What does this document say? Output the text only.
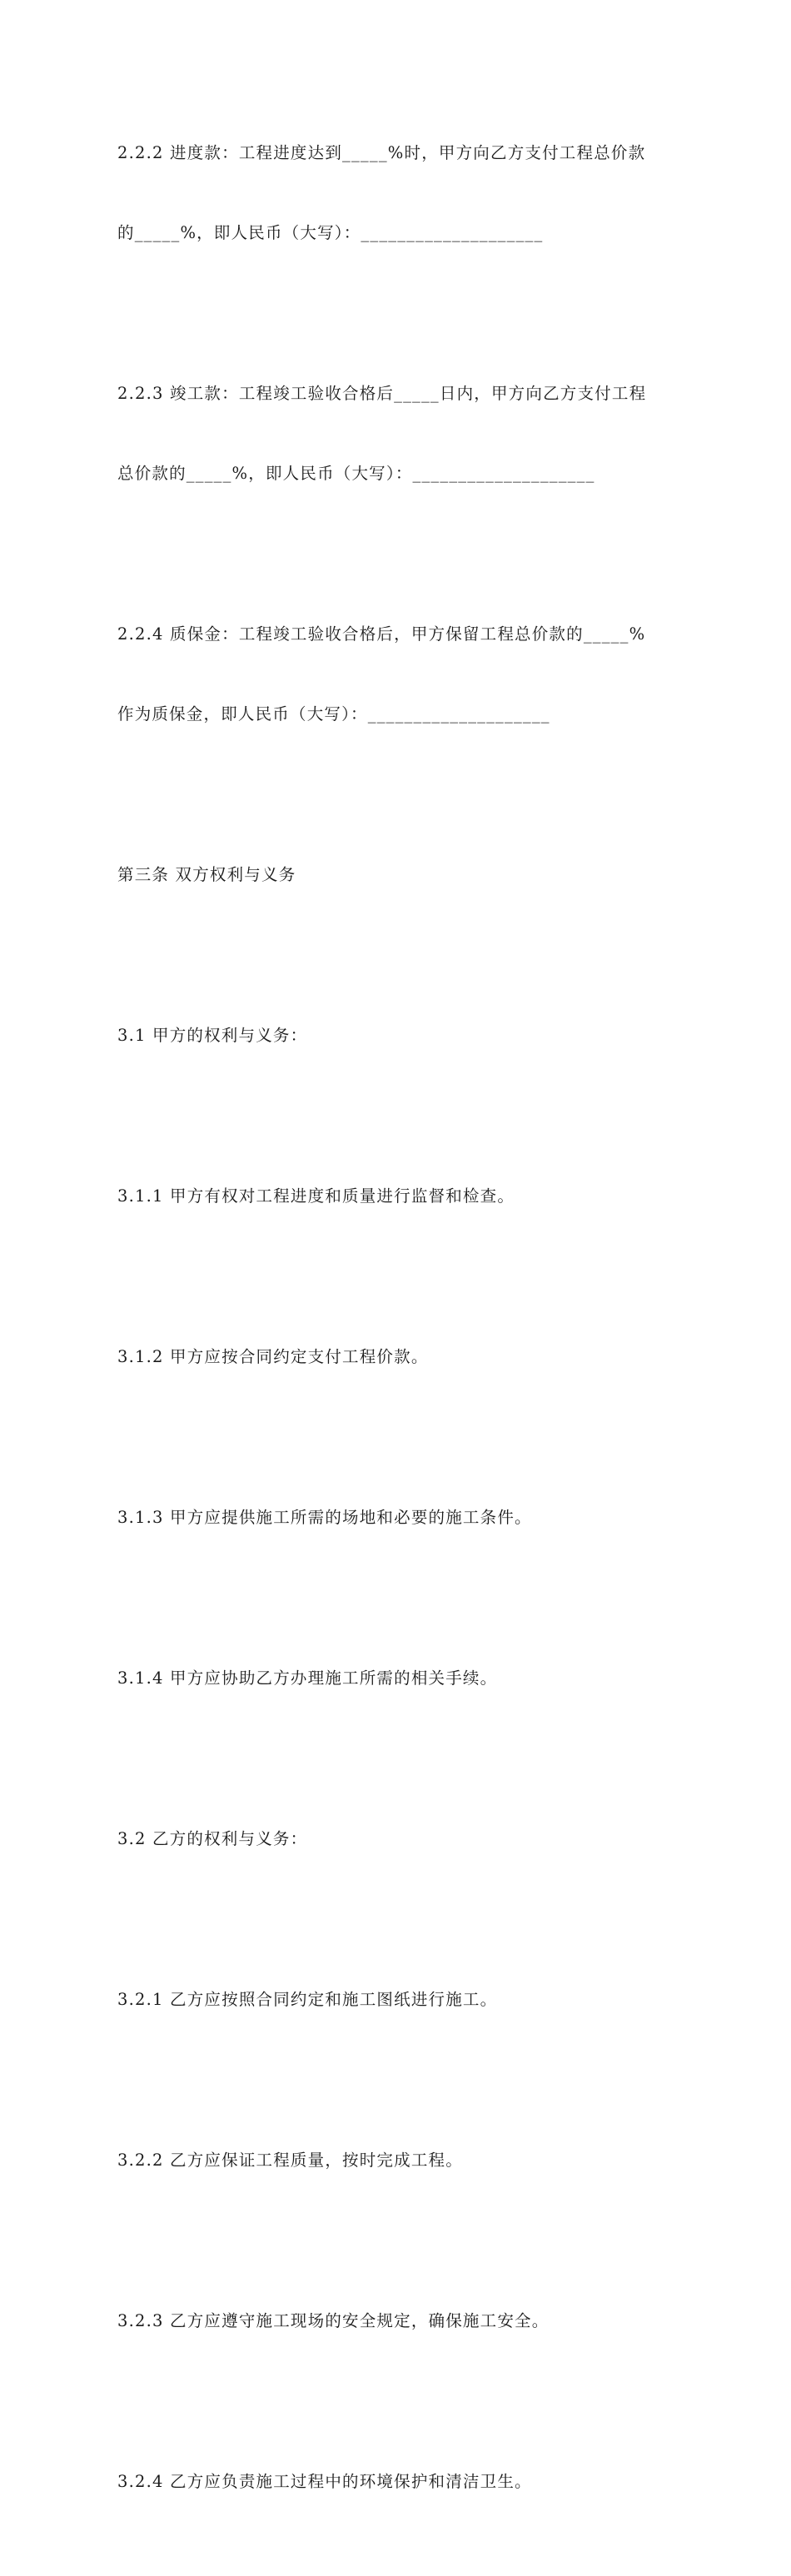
2.2.2 进度款：工程进度达到_____%时，甲方向乙方支付工程总价款

的_____%，即人民币（大写）：____________________

2.2.3 竣工款：工程竣工验收合格后_____日内，甲方向乙方支付工程

总价款的_____%，即人民币（大写）：____________________

2.2.4 质保金：工程竣工验收合格后，甲方保留工程总价款的_____%

作为质保金，即人民币（大写）：____________________

第三条 双方权利与义务

3.1 甲方的权利与义务：

3.1.1 甲方有权对工程进度和质量进行监督和检查。

3.1.2 甲方应按合同约定支付工程价款。

3.1.3 甲方应提供施工所需的场地和必要的施工条件。

3.1.4 甲方应协助乙方办理施工所需的相关手续。

3.2 乙方的权利与义务：

3.2.1 乙方应按照合同约定和施工图纸进行施工。

3.2.2 乙方应保证工程质量，按时完成工程。

3.2.3 乙方应遵守施工现场的安全规定，确保施工安全。

3.2.4 乙方应负责施工过程中的环境保护和清洁卫生。
